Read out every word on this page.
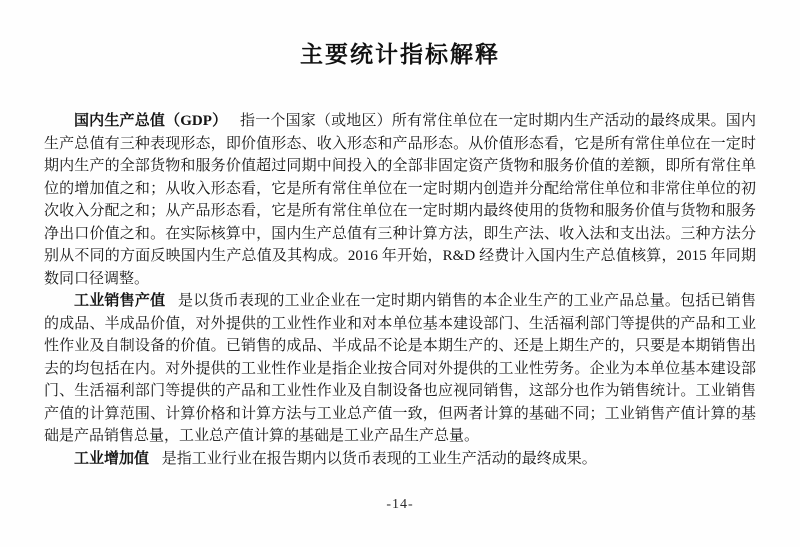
主要统计指标解释

国内生产总值（GDP） 指一个国家（或地区）所有常住单位在一定时期内生产活动的最终成果。国内生产总值有三种表现形态，即价值形态、收入形态和产品形态。从价值形态看，它是所有常住单位在一定时期内生产的全部货物和服务价值超过同期中间投入的全部非固定资产货物和服务价值的差额，即所有常住单位的增加值之和；从收入形态看，它是所有常住单位在一定时期内创造并分配给常住单位和非常住单位的初次收入分配之和；从产品形态看，它是所有常住单位在一定时期内最终使用的货物和服务价值与货物和服务净出口价值之和。在实际核算中，国内生产总值有三种计算方法，即生产法、收入法和支出法。三种方法分别从不同的方面反映国内生产总值及其构成。2016 年开始，R&D 经费计入国内生产总值核算，2015 年同期数同口径调整。

工业销售产值 是以货币表现的工业企业在一定时期内销售的本企业生产的工业产品总量。包括已销售的成品、半成品价值，对外提供的工业性作业和对本单位基本建设部门、生活福利部门等提供的产品和工业性作业及自制设备的价值。已销售的成品、半成品不论是本期生产的、还是上期生产的，只要是本期销售出去的均包括在内。对外提供的工业性作业是指企业按合同对外提供的工业性劳务。企业为本单位基本建设部门、生活福利部门等提供的产品和工业性作业及自制设备也应视同销售，这部分也作为销售统计。工业销售产值的计算范围、计算价格和计算方法与工业总产值一致，但两者计算的基础不同；工业销售产值计算的基础是产品销售总量，工业总产值计算的基础是工业产品生产总量。

工业增加值 是指工业行业在报告期内以货币表现的工业生产活动的最终成果。

-14-
